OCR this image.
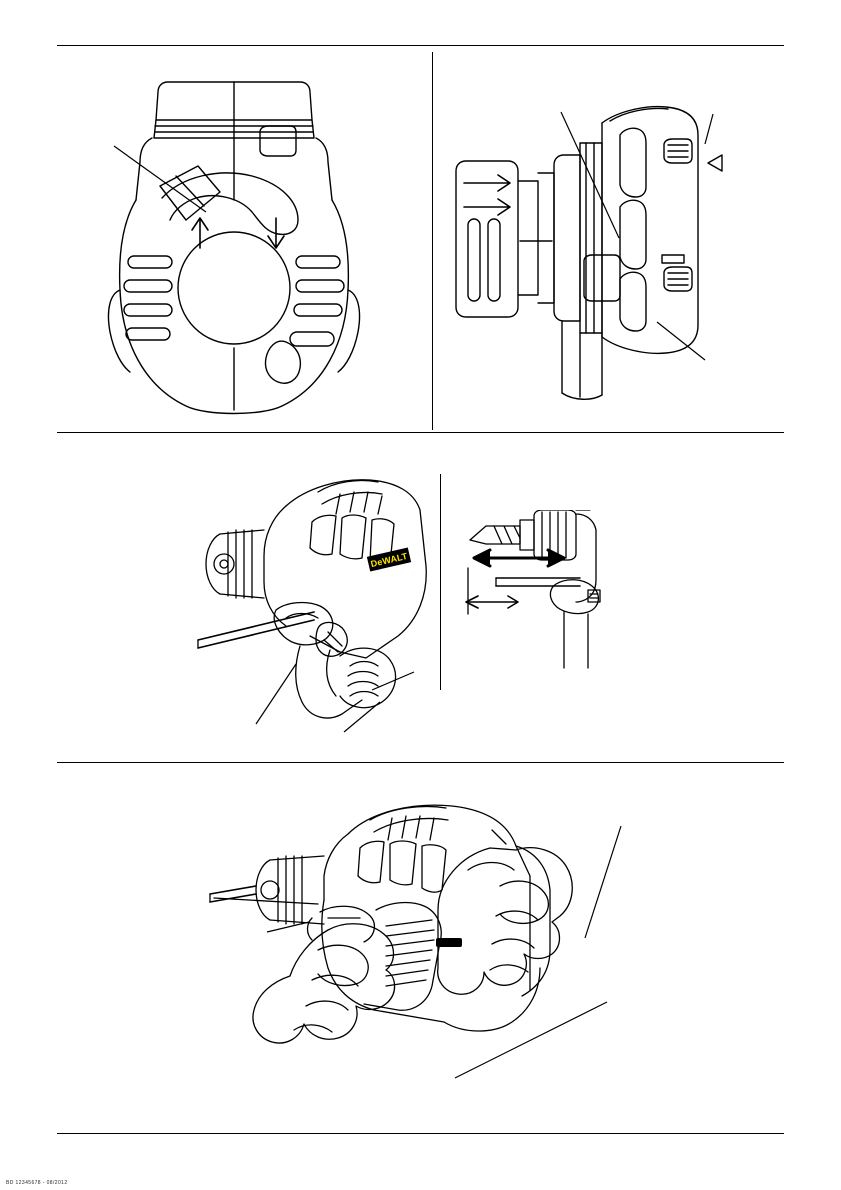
DeWALT
BD 12345678 - 08/2012
